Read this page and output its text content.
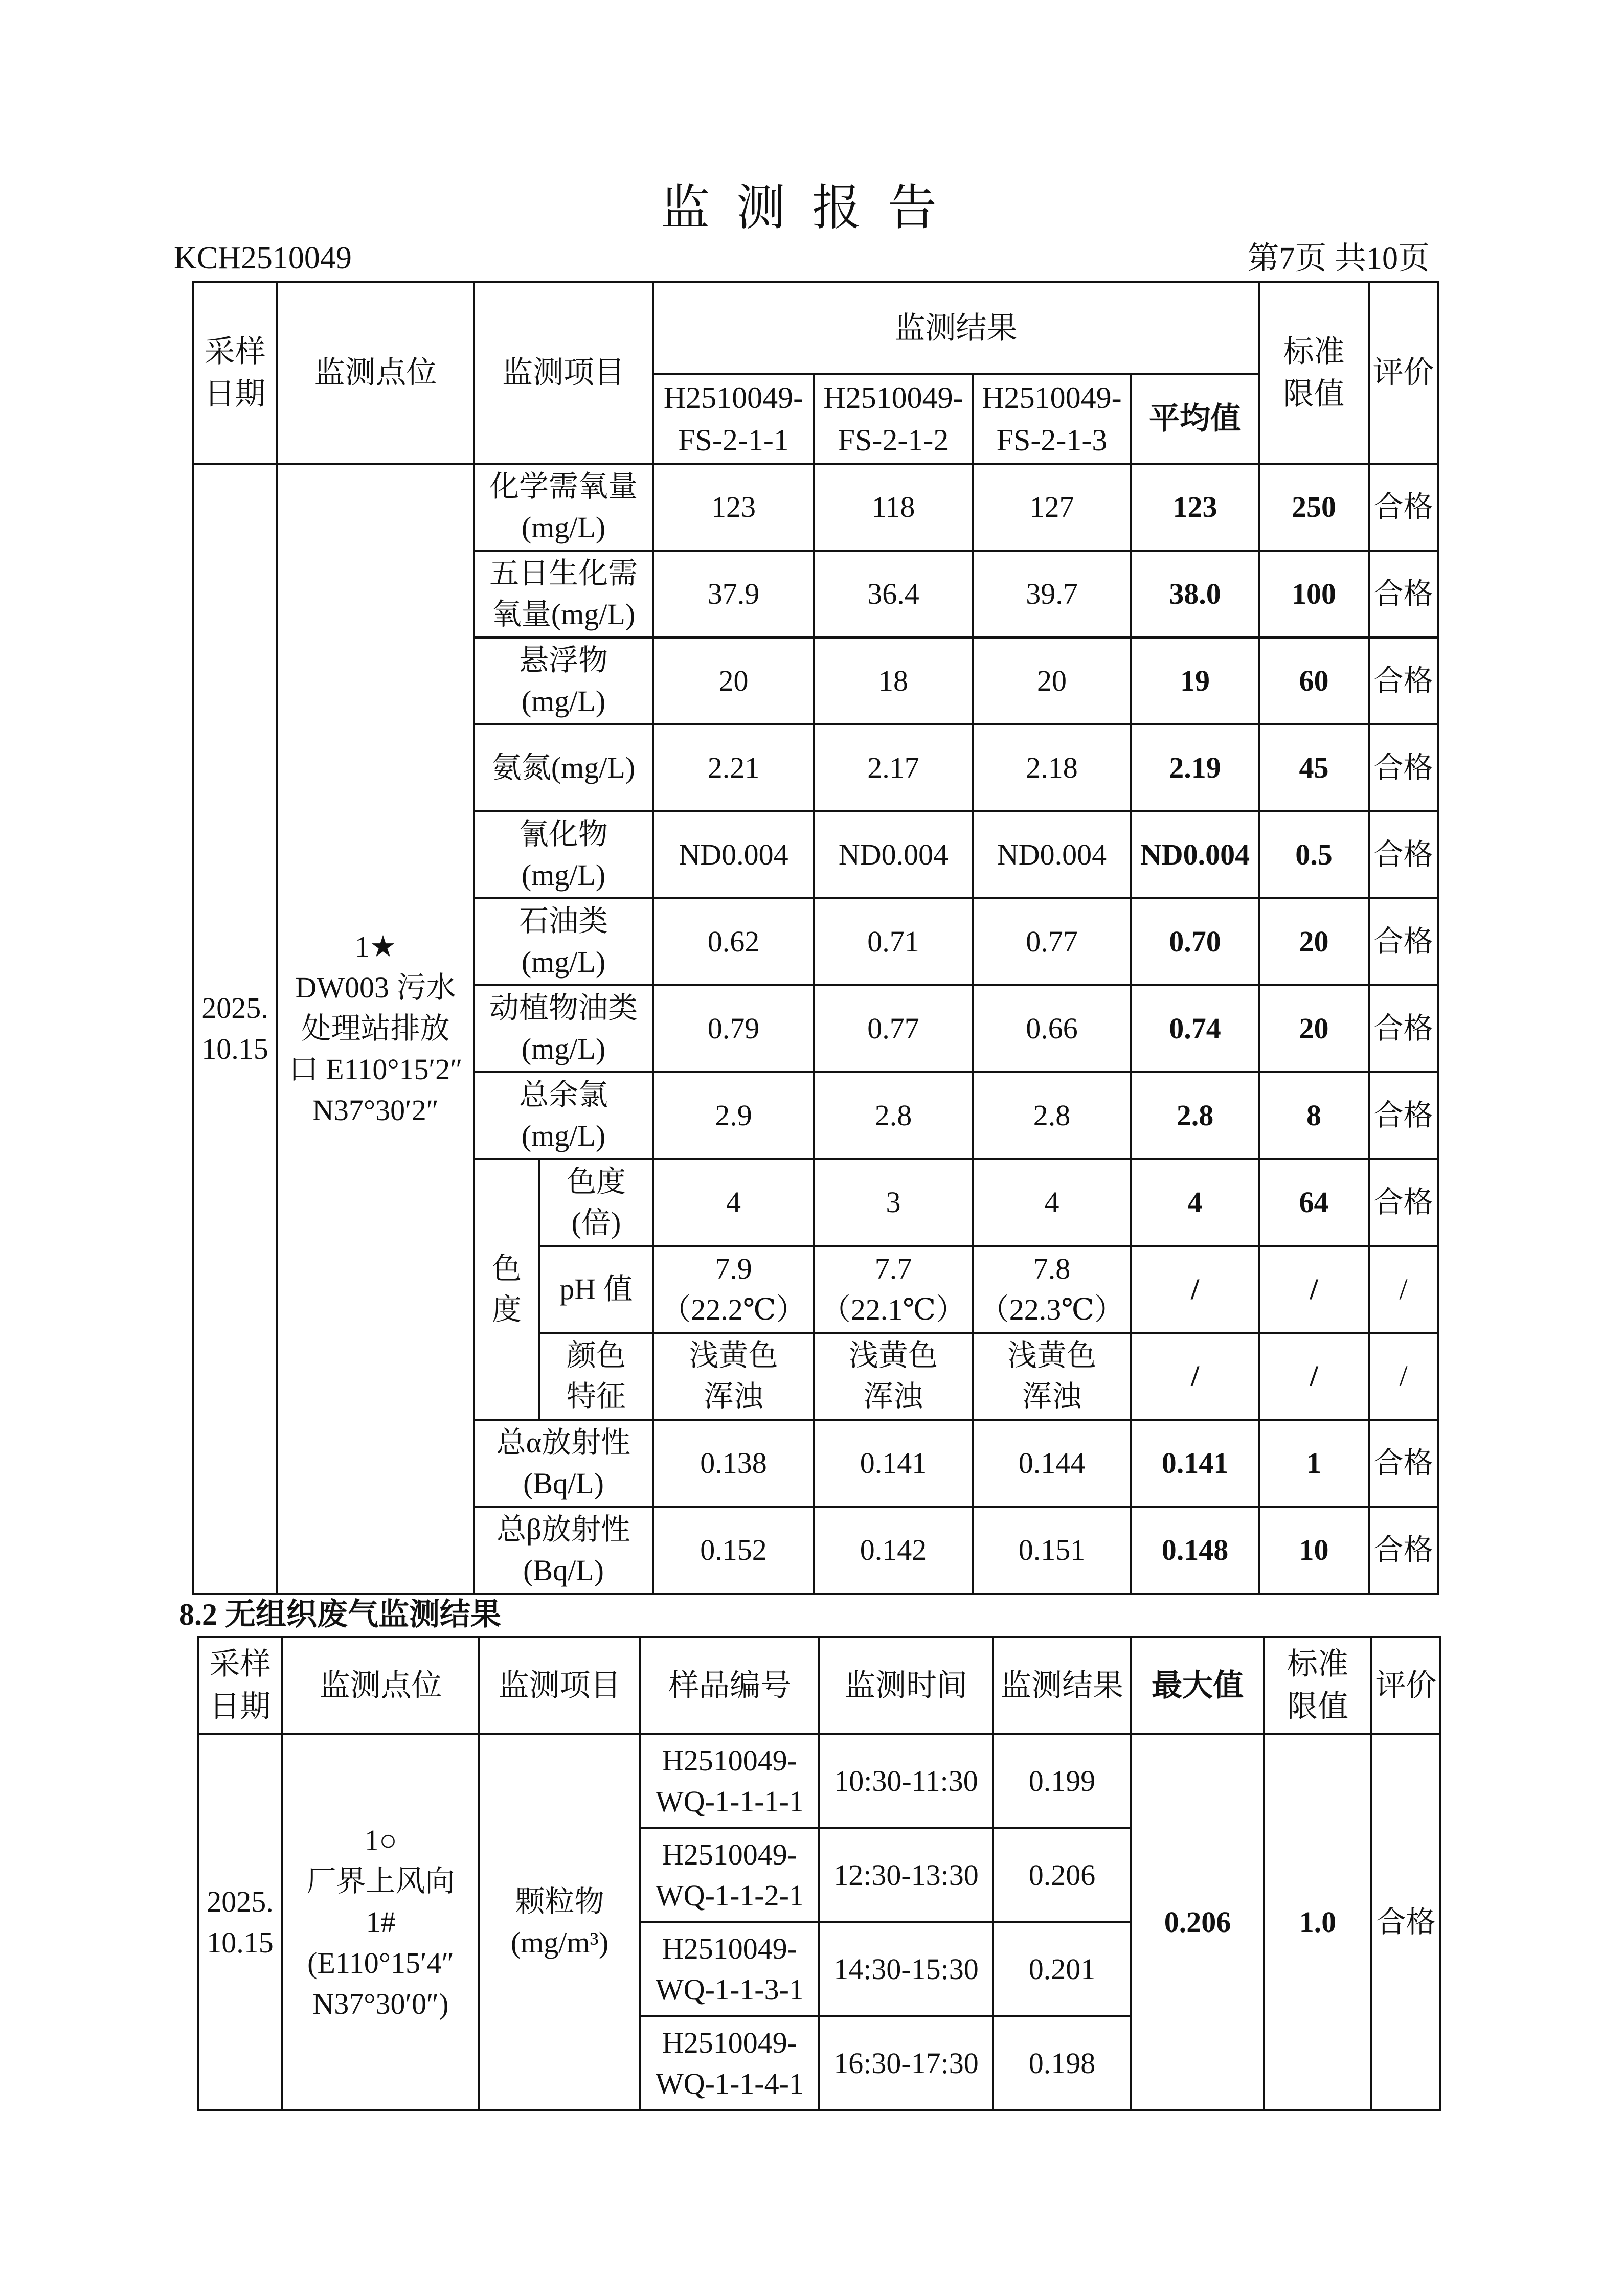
监测报告
KCH2510049	第7页 共10页
采样
日期	监测点位	监测项目		监测结果				标准
限值	评价
				H2510049-
FS-2-1-1	H2510049-
FS-2-1-2	H2510049-
FS-2-1-3	平均值		
2025.
10.15	1★
DW003 污水
处理站排放
口 E110°15′2″
N37°30′2″	化学需氧量
(mg/L)		123	118	127	123	250	合格
		五日生化需
氧量(mg/L)		37.9	36.4	39.7	38.0	100	合格
		悬浮物
(mg/L)		20	18	20	19	60	合格
		氨氮(mg/L)		2.21	2.17	2.18	2.19	45	合格
		氰化物
(mg/L)		ND0.004	ND0.004	ND0.004	ND0.004	0.5	合格
		石油类
(mg/L)		0.62	0.71	0.77	0.70	20	合格
		动植物油类
(mg/L)		0.79	0.77	0.66	0.74	20	合格
		总余氯
(mg/L)		2.9	2.8	2.8	2.8	8	合格
		色
度	色度
(倍)	4	3	4	4	64	合格
			pH 值	7.9
（22.2℃）	7.7
（22.1℃）	7.8
（22.3℃）	/	/	/
			颜色
特征	浅黄色
浑浊	浅黄色
浑浊	浅黄色
浑浊	/	/	/
		总α放射性
(Bq/L)		0.138	0.141	0.144	0.141	1	合格
		总β放射性
(Bq/L)		0.152	0.142	0.151	0.148	10	合格
8.2 无组织废气监测结果
采样
日期	监测点位	监测项目	样品编号	监测时间	监测结果	最大值	标准
限值	评价
2025.
10.15	1○
厂界上风向
1#
(E110°15′4″
N37°30′0″)	颗粒物
(mg/m³)	H2510049-
WQ-1-1-1-1	10:30-11:30	0.199	0.206	1.0	合格
			H2510049-
WQ-1-1-2-1	12:30-13:30	0.206			
			H2510049-
WQ-1-1-3-1	14:30-15:30	0.201			
			H2510049-
WQ-1-1-4-1	16:30-17:30	0.198			
